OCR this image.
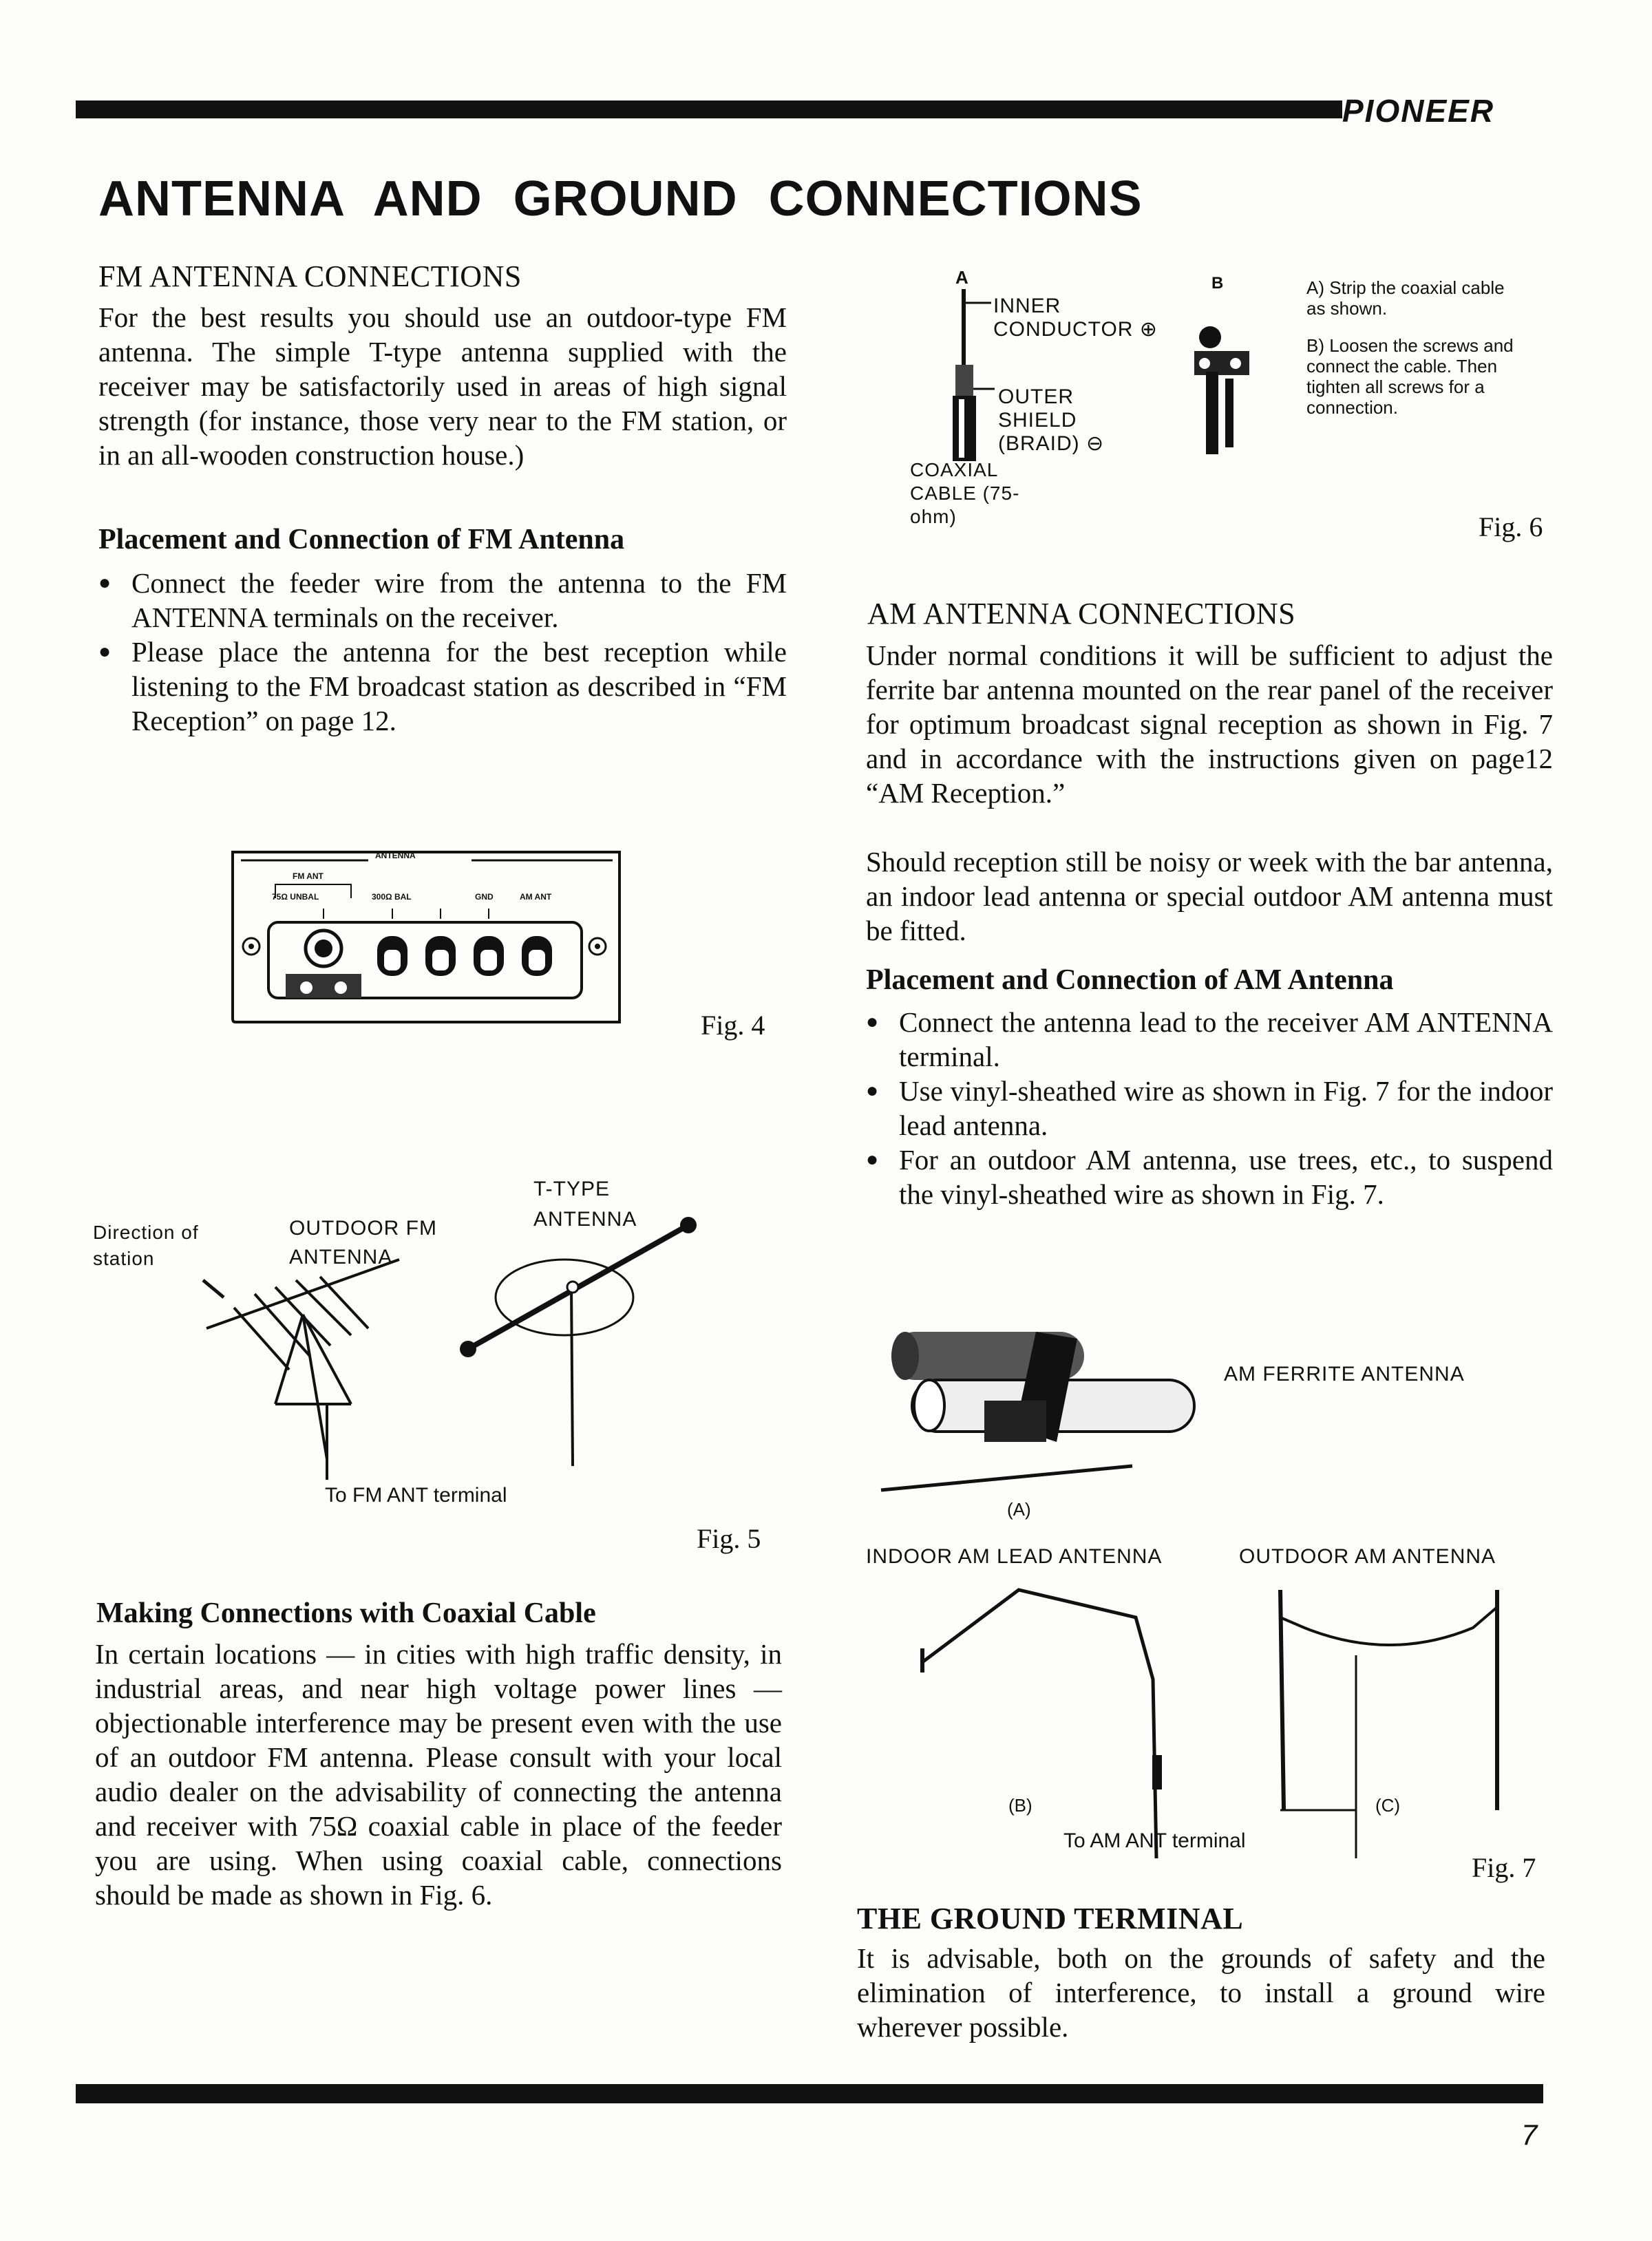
PIONEER
ANTENNA AND GROUND CONNECTIONS
FM ANTENNA CONNECTIONS
For the best results you should use an outdoor-type FM antenna. The simple T-type antenna supplied with the receiver may be satisfactorily used in areas of high signal strength (for instance, those very near to the FM station, or in an all-wooden construction house.)
Placement and Connection of FM Antenna
● Connect the feeder wire from the antenna to the FM ANTENNA terminals on the receiver.
● Please place the antenna for the best reception while listening to the FM broadcast station as described in “FM Reception” on page 12.
ANTENNA
FM ANT
75Ω UNBAL	300Ω BAL	GND	AM ANT
Fig. 4
Direction of station
OUTDOOR FM ANTENNA
T-TYPE ANTENNA
To FM ANT terminal
Fig. 5
Making Connections with Coaxial Cable
In certain locations — in cities with high traffic density, in industrial areas, and near high voltage power lines — objectionable interference may be present even with the use of an outdoor FM antenna. Please consult with your local audio dealer on the advisability of connecting the antenna and receiver with 75Ω coaxial cable in place of the feeder you are using. When using coaxial cable, connections should be made as shown in Fig. 6.
A	B
INNER CONDUCTOR ⊕
OUTER SHIELD (BRAID) ⊖
COAXIAL CABLE (75-ohm)
A) Strip the coaxial cable as shown.
B) Loosen the screws and connect the cable. Then tighten all screws for a connection.
Fig. 6
AM ANTENNA CONNECTIONS
Under normal conditions it will be sufficient to adjust the ferrite bar antenna mounted on the rear panel of the receiver for optimum broadcast signal reception as shown in Fig. 7 and in accordance with the instructions given on page12 “AM Reception.”
Should reception still be noisy or week with the bar antenna, an indoor lead antenna or special outdoor AM antenna must be fitted.
Placement and Connection of AM Antenna
● Connect the antenna lead to the receiver AM ANTENNA terminal.
● Use vinyl-sheathed wire as shown in Fig. 7 for the indoor lead antenna.
● For an outdoor AM antenna, use trees, etc., to suspend the vinyl-sheathed wire as shown in Fig. 7.
AM FERRITE ANTENNA
(A)
INDOOR AM LEAD ANTENNA	OUTDOOR AM ANTENNA
(B)	(C)
To AM ANT terminal
Fig. 7
THE GROUND TERMINAL
It is advisable, both on the grounds of safety and the elimination of interference, to install a ground wire wherever possible.
7
